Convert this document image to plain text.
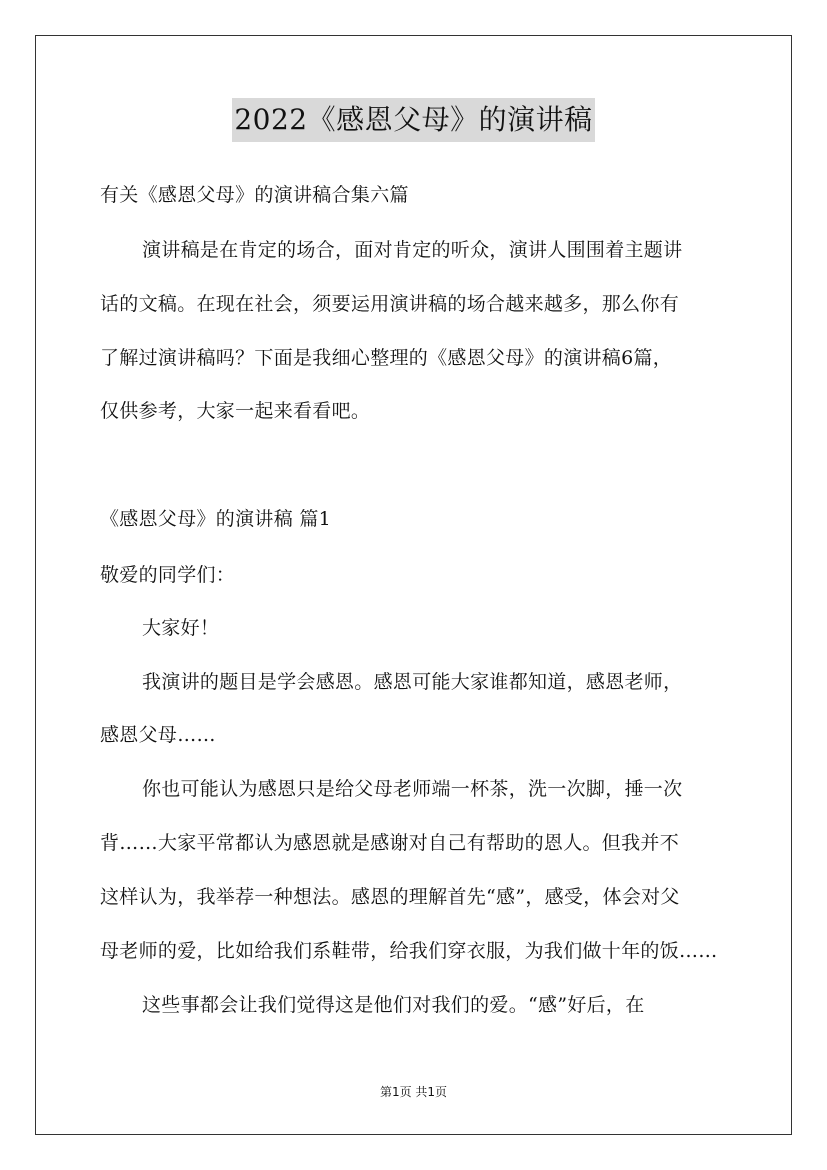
2022《感恩父母》的演讲稿
有关《感恩父母》的演讲稿合集六篇
演讲稿是在肯定的场合，面对肯定的听众，演讲人围围着主题讲
话的文稿。在现在社会，须要运用演讲稿的场合越来越多，那么你有
了解过演讲稿吗？下面是我细心整理的《感恩父母》的演讲稿6篇，
仅供参考，大家一起来看看吧。
《感恩父母》的演讲稿 篇1
敬爱的同学们：
大家好！
我演讲的题目是学会感恩。感恩可能大家谁都知道，感恩老师，
感恩父母……
你也可能认为感恩只是给父母老师端一杯茶，洗一次脚，捶一次
背……大家平常都认为感恩就是感谢对自己有帮助的恩人。但我并不
这样认为，我举荐一种想法。感恩的理解首先“感”，感受，体会对父
母老师的爱，比如给我们系鞋带，给我们穿衣服，为我们做十年的饭……
这些事都会让我们觉得这是他们对我们的爱。“感”好后，在
第1页 共1页
